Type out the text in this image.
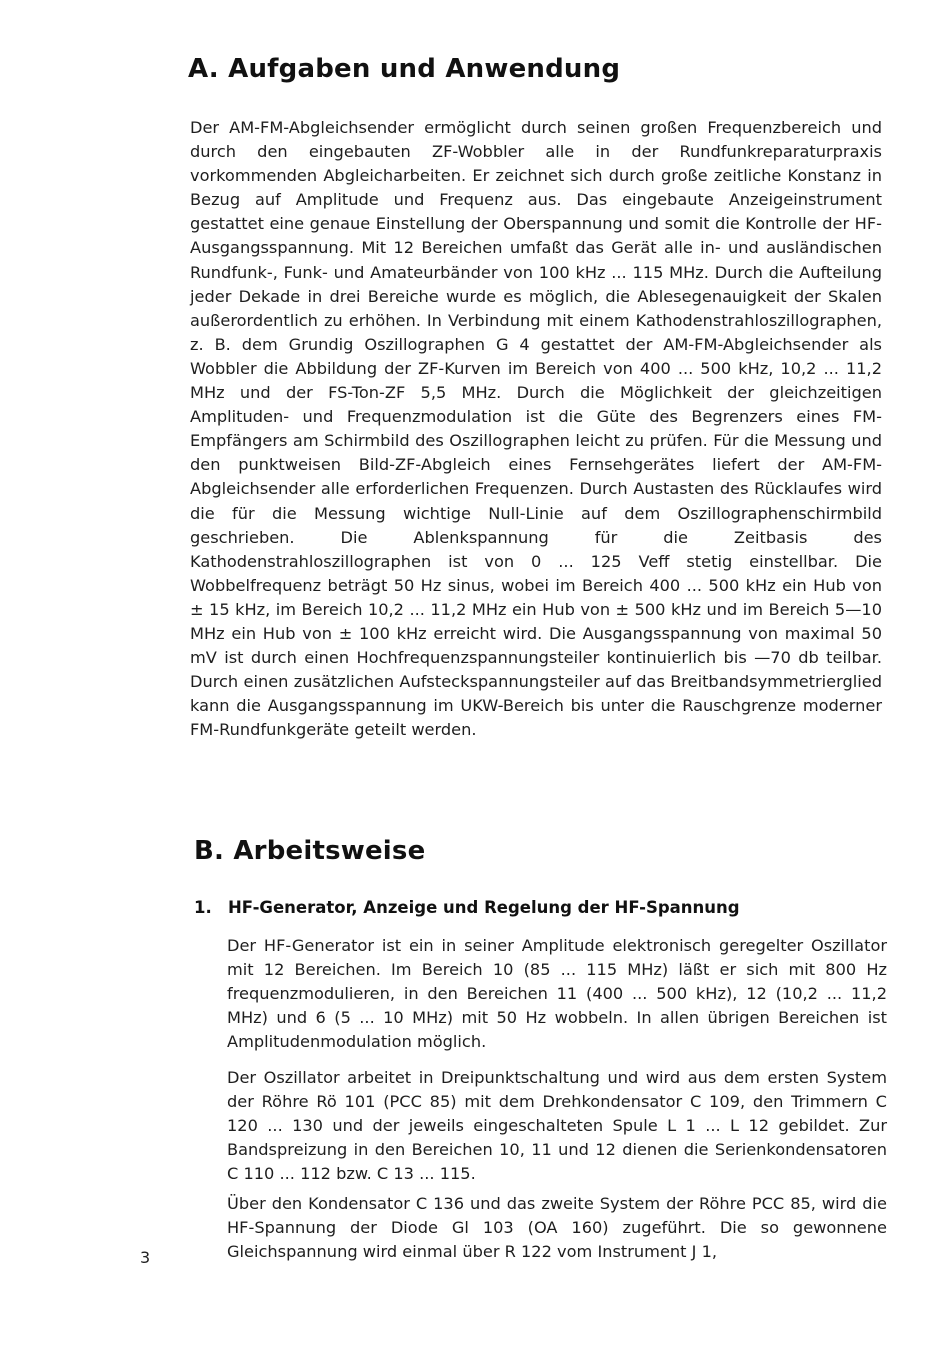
A. Aufgaben und Anwendung

Der AM-FM-Abgleichsender ermöglicht durch seinen großen Frequenzbereich und durch den eingebauten ZF-Wobbler alle in der Rundfunkreparaturpraxis vorkommenden Abgleicharbeiten. Er zeichnet sich durch große zeitliche Konstanz in Bezug auf Amplitude und Frequenz aus. Das eingebaute Anzeigeinstrument gestattet eine genaue Einstellung der Oberspannung und somit die Kontrolle der HF-Ausgangsspannung. Mit 12 Bereichen umfaßt das Gerät alle in- und ausländischen Rundfunk-, Funk- und Amateurbänder von 100 kHz ... 115 MHz. Durch die Aufteilung jeder Dekade in drei Bereiche wurde es möglich, die Ablesegenauigkeit der Skalen außerordentlich zu erhöhen. In Verbindung mit einem Kathodenstrahloszillographen, z. B. dem Grundig Oszillographen G 4 gestattet der AM-FM-Abgleichsender als Wobbler die Abbildung der ZF-Kurven im Bereich von 400 ... 500 kHz, 10,2 ... 11,2 MHz und der FS-Ton-ZF 5,5 MHz. Durch die Möglichkeit der gleichzeitigen Amplituden- und Frequenzmodulation ist die Güte des Begrenzers eines FM-Empfängers am Schirmbild des Oszillographen leicht zu prüfen. Für die Messung und den punktweisen Bild-ZF-Abgleich eines Fernsehgerätes liefert der AM-FM-Abgleichsender alle erforderlichen Frequenzen. Durch Austasten des Rücklaufes wird die für die Messung wichtige Null-Linie auf dem Oszillographenschirmbild geschrieben. Die Ablenkspannung für die Zeitbasis des Kathodenstrahloszillographen ist von 0 ... 125 Veff stetig einstellbar. Die Wobbelfrequenz beträgt 50 Hz sinus, wobei im Bereich 400 ... 500 kHz ein Hub von ± 15 kHz, im Bereich 10,2 ... 11,2 MHz ein Hub von ± 500 kHz und im Bereich 5—10 MHz ein Hub von ± 100 kHz erreicht wird. Die Ausgangsspannung von maximal 50 mV ist durch einen Hochfrequenzspannungsteiler kontinuierlich bis —70 db teilbar. Durch einen zusätzlichen Aufsteckspannungsteiler auf das Breitbandsymmetrierglied kann die Ausgangsspannung im UKW-Bereich bis unter die Rauschgrenze moderner FM-Rundfunkgeräte geteilt werden.

B. Arbeitsweise
1. HF-Generator, Anzeige und Regelung der HF-Spannung

Der HF-Generator ist ein in seiner Amplitude elektronisch geregelter Oszillator mit 12 Bereichen. Im Bereich 10 (85 ... 115 MHz) läßt er sich mit 800 Hz frequenzmodulieren, in den Bereichen 11 (400 ... 500 kHz), 12 (10,2 ... 11,2 MHz) und 6 (5 ... 10 MHz) mit 50 Hz wobbeln. In allen übrigen Bereichen ist Amplitudenmodulation möglich.

Der Oszillator arbeitet in Dreipunktschaltung und wird aus dem ersten System der Röhre Rö 101 (PCC 85) mit dem Drehkondensator C 109, den Trimmern C 120 ... 130 und der jeweils eingeschalteten Spule L 1 ... L 12 gebildet. Zur Bandspreizung in den Bereichen 10, 11 und 12 dienen die Serienkondensatoren C 110 ... 112 bzw. C 13 ... 115.

Über den Kondensator C 136 und das zweite System der Röhre PCC 85, wird die HF-Spannung der Diode Gl 103 (OA 160) zugeführt. Die so gewonnene Gleichspannung wird einmal über R 122 vom Instrument J 1,

3
